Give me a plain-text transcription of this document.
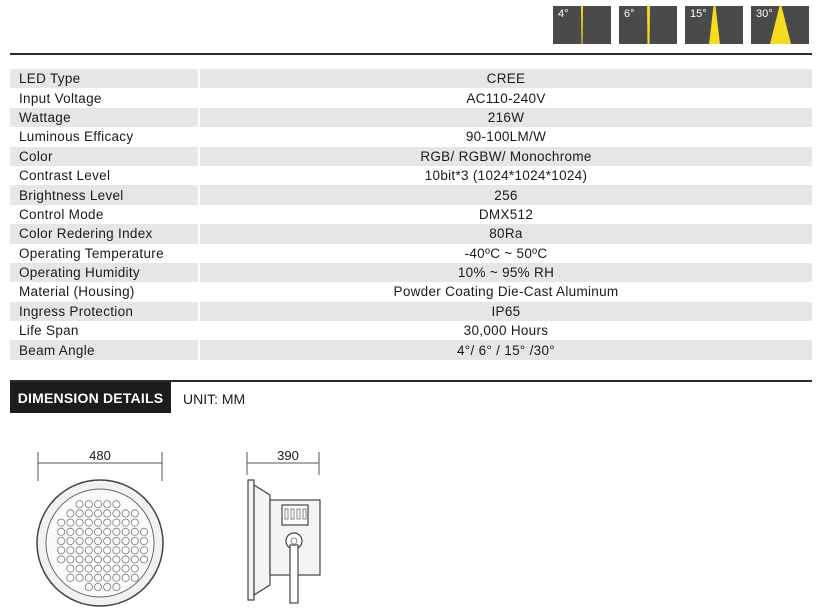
4°	6°	15°	30°
LED Type	CREE
Input Voltage	AC110-240V
Wattage	216W
Luminous Efficacy	90-100LM/W
Color	RGB/ RGBW/ Monochrome
Contrast Level	10bit*3 (1024*1024*1024)
Brightness Level	256
Control Mode	DMX512
Color Redering Index	80Ra
Operating Temperature	-40ºC ~ 50ºC
Operating Humidity	10% ~ 95% RH
Material (Housing)	Powder Coating Die-Cast Aluminum
Ingress Protection	IP65
Life Span	30,000 Hours
Beam Angle	4°/ 6° / 15° /30°
DIMENSION DETAILS	UNIT: MM
480	390
